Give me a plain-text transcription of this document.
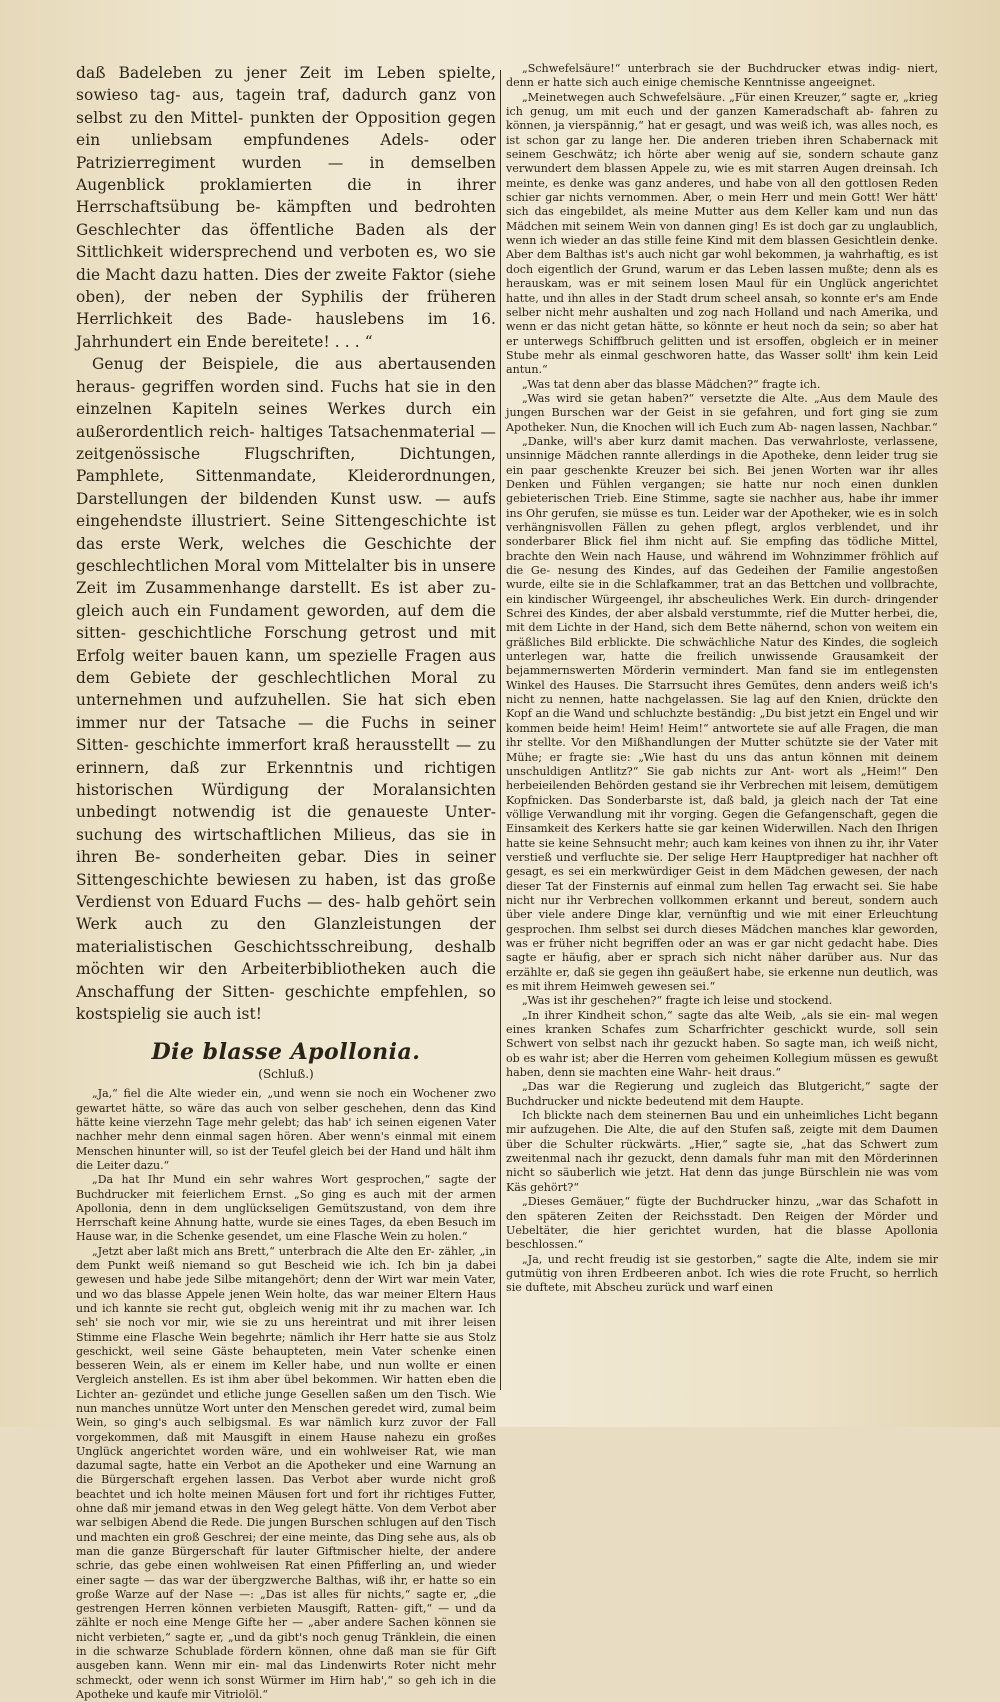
daß Badeleben zu jener Zeit im Leben spielte, sowieso tag- aus, tagein traf, dadurch ganz von selbst zu den Mittel- punkten der Opposition gegen ein unliebsam empfundenes Adels- oder Patrizierregiment wurden — in demselben Augenblick proklamierten die in ihrer Herrschaftsübung be- kämpften und bedrohten Geschlechter das öffentliche Baden als der Sittlichkeit widersprechend und verboten es, wo sie die Macht dazu hatten. Dies der zweite Faktor (siehe oben), der neben der Syphilis der früheren Herrlichkeit des Bade- hauslebens im 16. Jahrhundert ein Ende bereitete! . . . “

Genug der Beispiele, die aus abertausenden heraus- gegriffen worden sind. Fuchs hat sie in den einzelnen Kapiteln seines Werkes durch ein außerordentlich reich- haltiges Tatsachenmaterial — zeitgenössische Flugschriften, Dichtungen, Pamphlete, Sittenmandate, Kleiderordnungen, Darstellungen der bildenden Kunst usw. — aufs eingehendste illustriert. Seine Sittengeschichte ist das erste Werk, welches die Geschichte der geschlechtlichen Moral vom Mittelalter bis in unsere Zeit im Zusammenhange darstellt. Es ist aber zu- gleich auch ein Fundament geworden, auf dem die sitten- geschichtliche Forschung getrost und mit Erfolg weiter bauen kann, um spezielle Fragen aus dem Gebiete der geschlechtlichen Moral zu unternehmen und aufzuhellen. Sie hat sich eben immer nur der Tatsache — die Fuchs in seiner Sitten- geschichte immerfort kraß herausstellt — zu erinnern, daß zur Erkenntnis und richtigen historischen Würdigung der Moralansichten unbedingt notwendig ist die genaueste Unter- suchung des wirtschaftlichen Milieus, das sie in ihren Be- sonderheiten gebar. Dies in seiner Sittengeschichte bewiesen zu haben, ist das große Verdienst von Eduard Fuchs — des- halb gehört sein Werk auch zu den Glanzleistungen der materialistischen Geschichtsschreibung, deshalb möchten wir den Arbeiterbibliotheken auch die Anschaffung der Sitten- geschichte empfehlen, so kostspielig sie auch ist!

Die blasse Apollonia.
(Schluß.)

„Ja,“ fiel die Alte wieder ein, „und wenn sie noch ein Wochener zwo gewartet hätte, so wäre das auch von selber geschehen, denn das Kind hätte keine vierzehn Tage mehr gelebt; das hab' ich seinen eigenen Vater nachher mehr denn einmal sagen hören. Aber wenn's einmal mit einem Menschen hinunter will, so ist der Teufel gleich bei der Hand und hält ihm die Leiter dazu.“

„Da hat Ihr Mund ein sehr wahres Wort gesprochen,“ sagte der Buchdrucker mit feierlichem Ernst. „So ging es auch mit der armen Apollonia, denn in dem unglückseligen Gemütszustand, von dem ihre Herrschaft keine Ahnung hatte, wurde sie eines Tages, da eben Besuch im Hause war, in die Schenke gesendet, um eine Flasche Wein zu holen.“

„Jetzt aber laßt mich ans Brett,“ unterbrach die Alte den Er- zähler, „in dem Punkt weiß niemand so gut Bescheid wie ich. Ich bin ja dabei gewesen und habe jede Silbe mitangehört; denn der Wirt war mein Vater, und wo das blasse Appele jenen Wein holte, das war meiner Eltern Haus und ich kannte sie recht gut, obgleich wenig mit ihr zu machen war. Ich seh' sie noch vor mir, wie sie zu uns hereintrat und mit ihrer leisen Stimme eine Flasche Wein begehrte; nämlich ihr Herr hatte sie aus Stolz geschickt, weil seine Gäste behaupteten, mein Vater schenke einen besseren Wein, als er einem im Keller habe, und nun wollte er einen Vergleich anstellen. Es ist ihm aber übel bekommen. Wir hatten eben die Lichter an- gezündet und etliche junge Gesellen saßen um den Tisch. Wie nun manches unnütze Wort unter den Menschen geredet wird, zumal beim Wein, so ging's auch selbigsmal. Es war nämlich kurz zuvor der Fall vorgekommen, daß mit Mausgift in einem Hause nahezu ein großes Unglück angerichtet worden wäre, und ein wohlweiser Rat, wie man dazumal sagte, hatte ein Verbot an die Apotheker und eine Warnung an die Bürgerschaft ergehen lassen. Das Verbot aber wurde nicht groß beachtet und ich holte meinen Mäusen fort und fort ihr richtiges Futter, ohne daß mir jemand etwas in den Weg gelegt hätte. Von dem Verbot aber war selbigen Abend die Rede. Die jungen Burschen schlugen auf den Tisch und machten ein groß Geschrei; der eine meinte, das Ding sehe aus, als ob man die ganze Bürgerschaft für lauter Giftmischer hielte, der andere schrie, das gebe einen wohlweisen Rat einen Pfifferling an, und wieder einer sagte — das war der übergzwerche Balthas, wiß ihr, er hatte so ein große Warze auf der Nase —: „Das ist alles für nichts,“ sagte er, „die gestrengen Herren können verbieten Mausgift, Ratten- gift,“ — und da zählte er noch eine Menge Gifte her — „aber andere Sachen können sie nicht verbieten,“ sagte er, „und da gibt's noch genug Tränklein, die einen in die schwarze Schublade fördern können, ohne daß man sie für Gift ausgeben kann. Wenn mir ein- mal das Lindenwirts Roter nicht mehr schmeckt, oder wenn ich sonst Würmer im Hirn hab',“ so geh ich in die Apotheke und kaufe mir Vitriolöl.“

„Schwefelsäure!“ unterbrach sie der Buchdrucker etwas indig- niert, denn er hatte sich auch einige chemische Kenntnisse angeeignet.

„Meinetwegen auch Schwefelsäure. „Für einen Kreuzer,“ sagte er, „krieg ich genug, um mit euch und der ganzen Kameradschaft ab- fahren zu können, ja vierspännig,“ hat er gesagt, und was weiß ich, was alles noch, es ist schon gar zu lange her. Die anderen trieben ihren Schabernack mit seinem Geschwätz; ich hörte aber wenig auf sie, sondern schaute ganz verwundert dem blassen Appele zu, wie es mit starren Augen dreinsah. Ich meinte, es denke was ganz anderes, und habe von all den gottlosen Reden schier gar nichts vernommen. Aber, o mein Herr und mein Gott! Wer hätt' sich das eingebildet, als meine Mutter aus dem Keller kam und nun das Mädchen mit seinem Wein von dannen ging! Es ist doch gar zu unglaublich, wenn ich wieder an das stille feine Kind mit dem blassen Gesichtlein denke. Aber dem Balthas ist's auch nicht gar wohl bekommen, ja wahrhaftig, es ist doch eigentlich der Grund, warum er das Leben lassen mußte; denn als es herauskam, was er mit seinem losen Maul für ein Unglück angerichtet hatte, und ihn alles in der Stadt drum scheel ansah, so konnte er's am Ende selber nicht mehr aushalten und zog nach Holland und nach Amerika, und wenn er das nicht getan hätte, so könnte er heut noch da sein; so aber hat er unterwegs Schiffbruch gelitten und ist ersoffen, obgleich er in meiner Stube mehr als einmal geschworen hatte, das Wasser sollt' ihm kein Leid antun.“

„Was tat denn aber das blasse Mädchen?“ fragte ich.

„Was wird sie getan haben?“ versetzte die Alte. „Aus dem Maule des jungen Burschen war der Geist in sie gefahren, und fort ging sie zum Apotheker. Nun, die Knochen will ich Euch zum Ab- nagen lassen, Nachbar.“

„Danke, will's aber kurz damit machen. Das verwahrloste, verlassene, unsinnige Mädchen rannte allerdings in die Apotheke, denn leider trug sie ein paar geschenkte Kreuzer bei sich. Bei jenen Worten war ihr alles Denken und Fühlen vergangen; sie hatte nur noch einen dunklen gebieterischen Trieb. Eine Stimme, sagte sie nachher aus, habe ihr immer ins Ohr gerufen, sie müsse es tun. Leider war der Apotheker, wie es in solch verhängnisvollen Fällen zu gehen pflegt, arglos verblendet, und ihr sonderbarer Blick fiel ihm nicht auf. Sie empfing das tödliche Mittel, brachte den Wein nach Hause, und während im Wohnzimmer fröhlich auf die Ge- nesung des Kindes, auf das Gedeihen der Familie angestoßen wurde, eilte sie in die Schlafkammer, trat an das Bettchen und vollbrachte, ein kindischer Würgeengel, ihr abscheuliches Werk. Ein durch- dringender Schrei des Kindes, der aber alsbald verstummte, rief die Mutter herbei, die, mit dem Lichte in der Hand, sich dem Bette nähernd, schon von weitem ein gräßliches Bild erblickte. Die schwächliche Natur des Kindes, die sogleich unterlegen war, hatte die freilich unwissende Grausamkeit der bejammernswerten Mörderin vermindert. Man fand sie im entlegensten Winkel des Hauses. Die Starrsucht ihres Gemütes, denn anders weiß ich's nicht zu nennen, hatte nachgelassen. Sie lag auf den Knien, drückte den Kopf an die Wand und schluchzte beständig: „Du bist jetzt ein Engel und wir kommen beide heim! Heim! Heim!“ antwortete sie auf alle Fragen, die man ihr stellte. Vor den Mißhandlungen der Mutter schützte sie der Vater mit Mühe; er fragte sie: „Wie hast du uns das antun können mit deinem unschuldigen Antlitz?“ Sie gab nichts zur Ant- wort als „Heim!“ Den herbeieilenden Behörden gestand sie ihr Verbrechen mit leisem, demütigem Kopfnicken. Das Sonderbarste ist, daß bald, ja gleich nach der Tat eine völlige Verwandlung mit ihr vorging. Gegen die Gefangenschaft, gegen die Einsamkeit des Kerkers hatte sie gar keinen Widerwillen. Nach den Ihrigen hatte sie keine Sehnsucht mehr; auch kam keines von ihnen zu ihr, ihr Vater verstieß und verfluchte sie. Der selige Herr Hauptprediger hat nachher oft gesagt, es sei ein merkwürdiger Geist in dem Mädchen gewesen, der nach dieser Tat der Finsternis auf einmal zum hellen Tag erwacht sei. Sie habe nicht nur ihr Verbrechen vollkommen erkannt und bereut, sondern auch über viele andere Dinge klar, vernünftig und wie mit einer Erleuchtung gesprochen. Ihm selbst sei durch dieses Mädchen manches klar geworden, was er früher nicht begriffen oder an was er gar nicht gedacht habe. Dies sagte er häufig, aber er sprach sich nicht näher darüber aus. Nur das erzählte er, daß sie gegen ihn geäußert habe, sie erkenne nun deutlich, was es mit ihrem Heimweh gewesen sei.“

„Was ist ihr geschehen?“ fragte ich leise und stockend.

„In ihrer Kindheit schon,“ sagte das alte Weib, „als sie ein- mal wegen eines kranken Schafes zum Scharfrichter geschickt wurde, soll sein Schwert von selbst nach ihr gezuckt haben. So sagte man, ich weiß nicht, ob es wahr ist; aber die Herren vom geheimen Kollegium müssen es gewußt haben, denn sie machten eine Wahr- heit draus.“

„Das war die Regierung und zugleich das Blutgericht,“ sagte der Buchdrucker und nickte bedeutend mit dem Haupte.

Ich blickte nach dem steinernen Bau und ein unheimliches Licht begann mir aufzugehen. Die Alte, die auf den Stufen saß, zeigte mit dem Daumen über die Schulter rückwärts. „Hier,“ sagte sie, „hat das Schwert zum zweitenmal nach ihr gezuckt, denn damals fuhr man mit den Mörderinnen nicht so säuberlich wie jetzt. Hat denn das junge Bürschlein nie was vom Käs gehört?“

„Dieses Gemäuer,“ fügte der Buchdrucker hinzu, „war das Schafott in den späteren Zeiten der Reichsstadt. Den Reigen der Mörder und Uebeltäter, die hier gerichtet wurden, hat die blasse Apollonia beschlossen.“

„Ja, und recht freudig ist sie gestorben,“ sagte die Alte, indem sie mir gutmütig von ihren Erdbeeren anbot. Ich wies die rote Frucht, so herrlich sie duftete, mit Abscheu zurück und warf einen
